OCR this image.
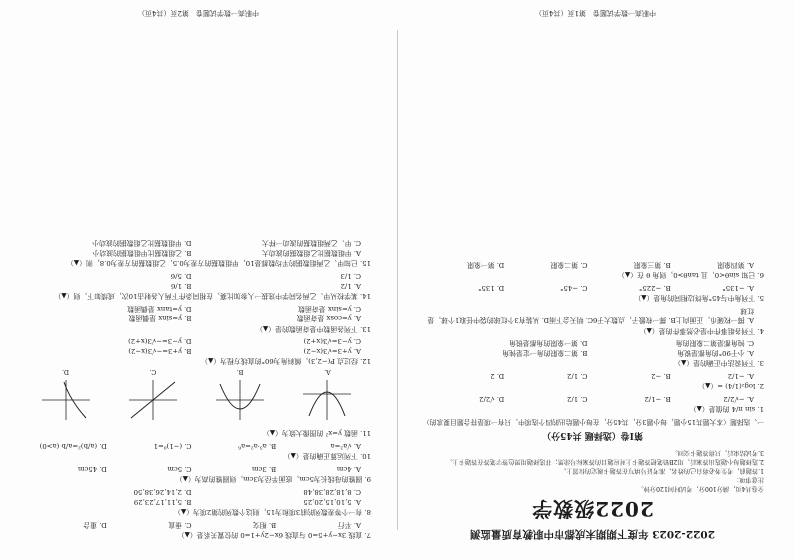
2022-2023 年度下期期末成都市中职教育质量监测

2022级数学

全卷共4页，满分100分，考试时间120分钟。

注意事项：

1.答题前，考生务必将自己的姓名、准考证号填写在答题卡规定的位置上。

2.选择题每小题选出答案后，用2B铅笔把答题卡上对应题目的答案标号涂黑；非选择题用黑色签字笔答在答题卡上。

3.考试结束后，只将答题卡交回。

第Ⅰ卷（选择题 共45分）

一、选择题（本大题共15小题，每小题3分，共45分，在每小题给出的四个选项中，只有一项是符合题目要求的）

1. sin π/4 的值是（▲）

A. −√2/2
B. −1/2
C. 1/2
D. √2/2

2. log₂(1/4) =（▲）

A. −1/2
B. −2
C. 1/2
D. 2

3. 下列说法中正确的是（▲）

A. 小于90°的角都是锐角
B. 第二象限的角一定是钝角
C. 钝角都是第二象限的角
D. 第一象限的角都是锐角

4. 下列各组事件中是必然事件的是（▲）

A. 掷一枚硬币，正面向上B. 掷一枚骰子，点数大于6C. 明天会下雨D. 从装有3个红球的袋中任取1个球，是红球

5. 下列角中与45°角终边相同的角是（▲）

A. −135°
B. −225°
C. −45°
D. 135°

6. 已知 sinθ<0，且 tanθ>0，则角 θ 在（▲）

A. 第四象限
B. 第三象限
C. 第二象限
D. 第一象限
中职高一数学试题卷　第1页（共4页）

7. 直线 3x−y+5=0 与直线 6x−2y+1=0 的位置关系是（▲）

A. 平行
B. 相交
C. 垂直
D. 重合

8. 有一个等差数列的前3项和为15，则这个数列的第2项为（▲）

A. 5,10,15,20,25
B. 5,11,17,23,29
C. 8,18,28,38,48
D. 2,14,26,38,50

9. 圆锥的母线长为5cm，底面半径为3cm，则圆锥的高为（▲）

A. 4cm
B. 3cm
C. 5cm
D. 45cm

10. 下列运算正确的是（▲）

A. √a²=a
B. a³·a²=a⁶
C. (−1)⁰=1
D. (a/b)²=a/b (a>0)

11. 函数 y=x² 的图像大致为（▲）

A.
B.
C.
D.

12. 经过点 P(−2,3)，倾斜角为60°的直线方程为（▲）

A. y+3=√3(x−2)
B. y+3=−√3(x−2)
C. y−3=√3(x+2)
D. y−3=−√3(x+2)

13. 下列各函数中是奇函数的是（▲）

A. y=cosx 是奇函数
B. y=sinx 是偶函数
C. y=sinx 是奇函数
D. y=tanx 是偶函数

14. 某学校从甲、乙两名同学中选拔一人参加比赛，在相同条件下两人各射击10次，成绩如下，则（▲）

A. 1/2
B. 1/6
C. 1/3
D. 5/6

15. 已知甲、乙两组数据的平均数都是10，甲组数据的方差为0.5，乙组数据的方差为0.8，则（▲）

A. 甲组数据比乙组数据的波动大
B. 乙组数据比甲组数据的波动小
C. 甲、乙两组数据的波动一样大
D. 甲组数据比乙组数据的波动小
中职高一数学试题卷　第2页（共4页）
